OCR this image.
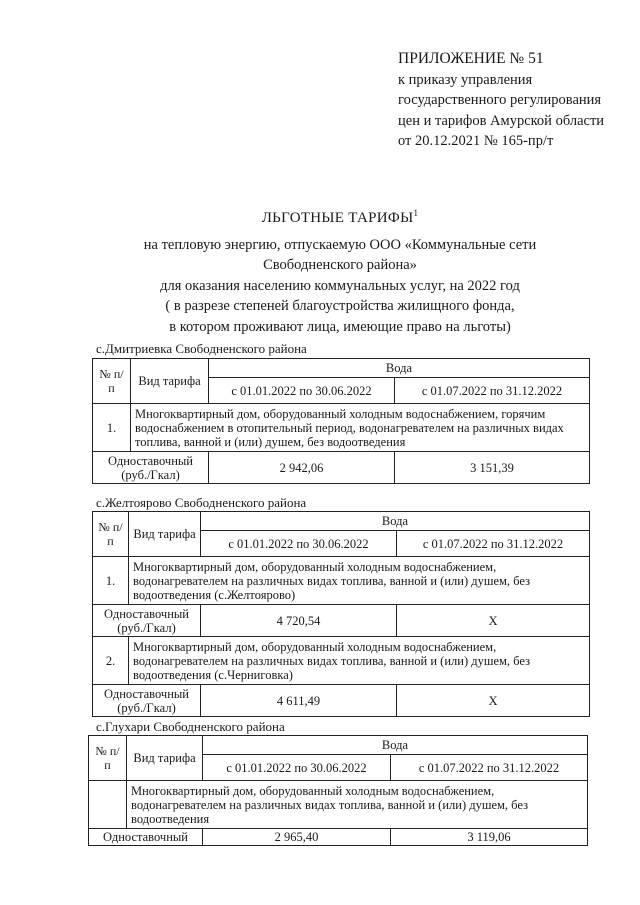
ПРИЛОЖЕНИЕ № 51
к приказу управления
государственного регулирования
цен и тарифов Амурской области
от 20.12.2021 № 165-пр/т
ЛЬГОТНЫЕ ТАРИФЫ$^1$
на тепловую энергию, отпускаемую ООО «Коммунальные сети
Свободненского района»
для оказания населению коммунальных услуг, на 2022 год
( в разрезе степеней благоустройства жилищного фонда,
в котором проживают лица, имеющие право на льготы)
с.Дмитриевка Свободненского района
№ п/п	Вид тарифа	Вода	
		с 01.01.2022 по 30.06.2022	с 01.07.2022 по 31.12.2022
1.	Многоквартирный дом, оборудованный холодным водоснабжением, горячим водоснабжением в отопительный период, водонагревателем на различных видах топлива, ванной и (или) душем, без водоотведения		
Одноставочный (руб./Гкал)		2 942,06	3 151,39
с.Желтоярово Свободненского района
№ п/п	Вид тарифа	Вода	
		с 01.01.2022 по 30.06.2022	с 01.07.2022 по 31.12.2022
1.	Многоквартирный дом, оборудованный холодным водоснабжением, водонагревателем на различных видах топлива, ванной и (или) душем, без водоотведения (с.Желтоярово)		
Одноставочный (руб./Гкал)		4 720,54	Х
2.	Многоквартирный дом, оборудованный холодным водоснабжением, водонагревателем на различных видах топлива, ванной и (или) душем, без водоотведения (с.Черниговка)		
Одноставочный (руб./Гкал)		4 611,49	Х
с.Глухари Свободненского района
№ п/п	Вид тарифа	Вода	
		с 01.01.2022 по 30.06.2022	с 01.07.2022 по 31.12.2022
	Многоквартирный дом, оборудованный холодным водоснабжением, водонагревателем на различных видах топлива, ванной и (или) душем, без водоотведения		
Одноставочный		2 965,40	3 119,06
